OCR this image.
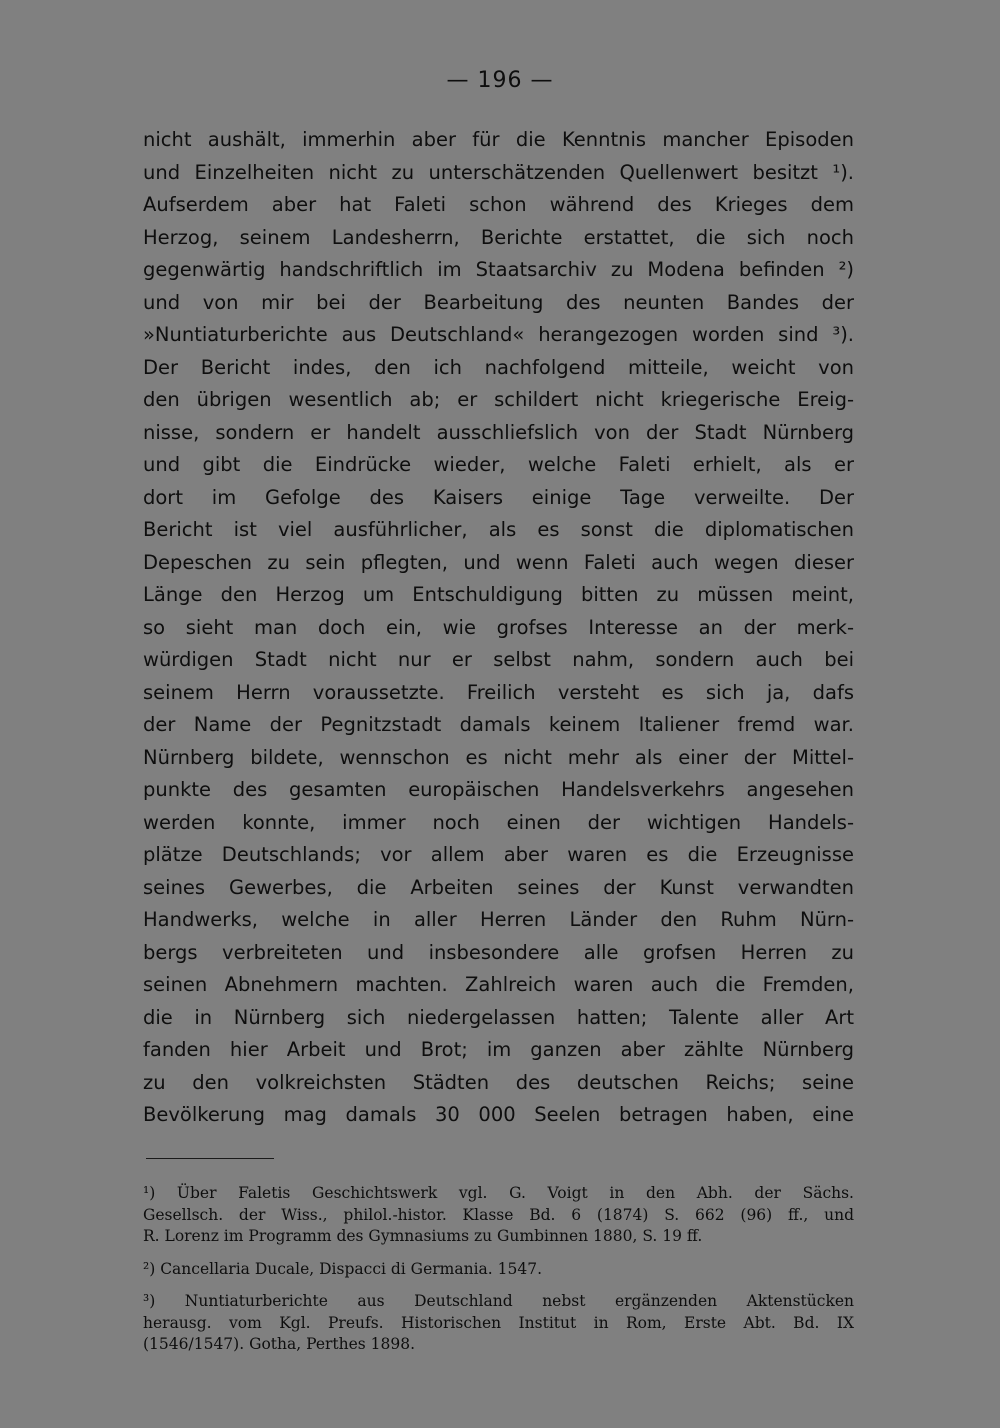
— 196 —
nicht aushält, immerhin aber für die Kenntnis mancher Episoden
und Einzelheiten nicht zu unterschätzenden Quellenwert besitzt ¹).
Aufserdem aber hat Faleti schon während des Krieges dem
Herzog, seinem Landesherrn, Berichte erstattet, die sich noch
gegenwärtig handschriftlich im Staatsarchiv zu Modena befinden ²)
und von mir bei der Bearbeitung des neunten Bandes der
»Nuntiaturberichte aus Deutschland« herangezogen worden sind ³).
Der Bericht indes, den ich nachfolgend mitteile, weicht von
den übrigen wesentlich ab; er schildert nicht kriegerische Ereig-
nisse, sondern er handelt ausschliefslich von der Stadt Nürnberg
und gibt die Eindrücke wieder, welche Faleti erhielt, als er
dort im Gefolge des Kaisers einige Tage verweilte. Der
Bericht ist viel ausführlicher, als es sonst die diplomatischen
Depeschen zu sein pflegten, und wenn Faleti auch wegen dieser
Länge den Herzog um Entschuldigung bitten zu müssen meint,
so sieht man doch ein, wie grofses Interesse an der merk-
würdigen Stadt nicht nur er selbst nahm, sondern auch bei
seinem Herrn voraussetzte. Freilich versteht es sich ja, dafs
der Name der Pegnitzstadt damals keinem Italiener fremd war.
Nürnberg bildete, wennschon es nicht mehr als einer der Mittel-
punkte des gesamten europäischen Handelsverkehrs angesehen
werden konnte, immer noch einen der wichtigen Handels-
plätze Deutschlands; vor allem aber waren es die Erzeugnisse
seines Gewerbes, die Arbeiten seines der Kunst verwandten
Handwerks, welche in aller Herren Länder den Ruhm Nürn-
bergs verbreiteten und insbesondere alle grofsen Herren zu
seinen Abnehmern machten. Zahlreich waren auch die Fremden,
die in Nürnberg sich niedergelassen hatten; Talente aller Art
fanden hier Arbeit und Brot; im ganzen aber zählte Nürnberg
zu den volkreichsten Städten des deutschen Reichs; seine
Bevölkerung mag damals 30 000 Seelen betragen haben, eine
¹) Über Faletis Geschichtswerk vgl. G. Voigt in den Abh. der Sächs.
Gesellsch. der Wiss., philol.-histor. Klasse Bd. 6 (1874) S. 662 (96) ff., und
R. Lorenz im Programm des Gymnasiums zu Gumbinnen 1880, S. 19 ff.
²) Cancellaria Ducale, Dispacci di Germania. 1547.
³) Nuntiaturberichte aus Deutschland nebst ergänzenden Aktenstücken
herausg. vom Kgl. Preufs. Historischen Institut in Rom, Erste Abt. Bd. IX
(1546/1547). Gotha, Perthes 1898.
